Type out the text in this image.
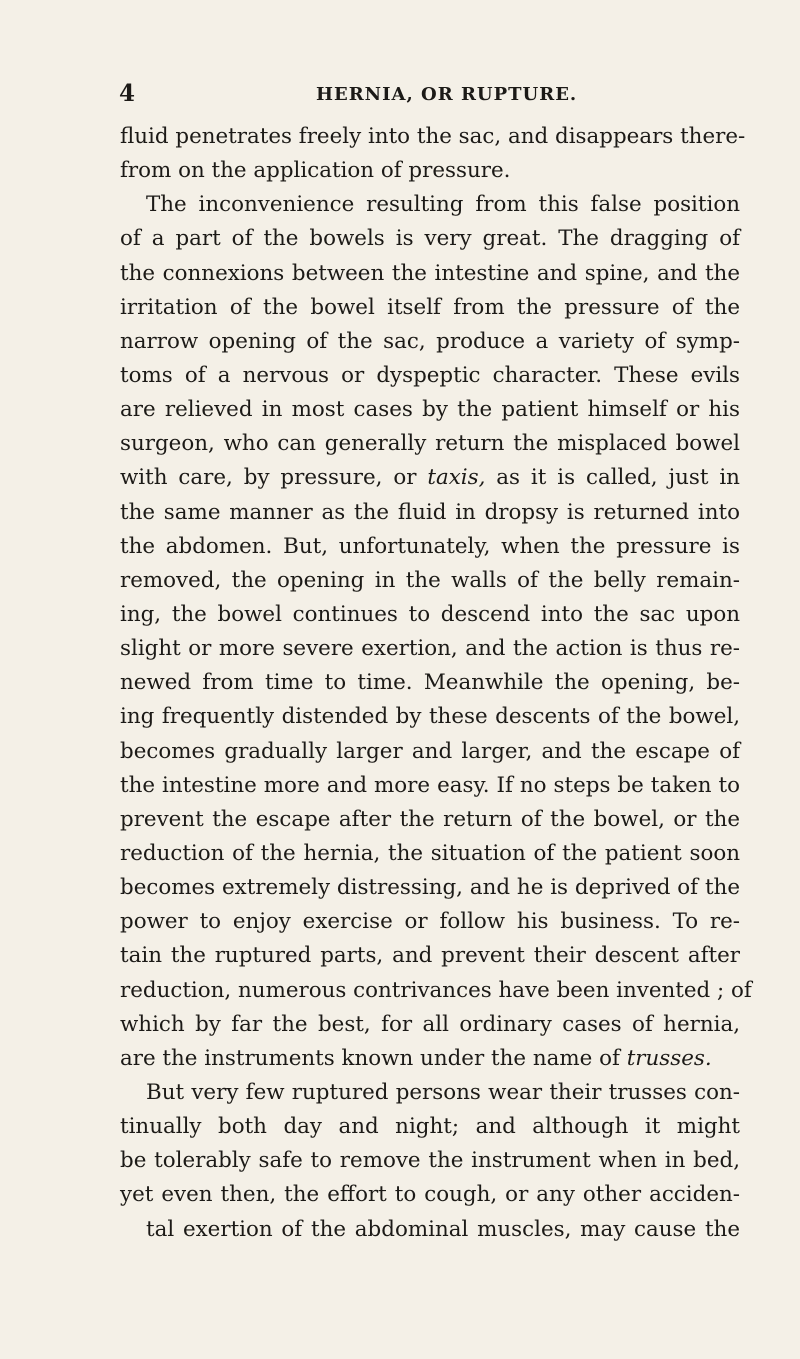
4	HERNIA, OR RUPTURE.
fluid penetrates freely into the sac, and disappears there-
from on the application of pressure.
The inconvenience resulting from this false position
of a part of the bowels is very great. The dragging of
the connexions between the intestine and spine, and the
irritation of the bowel itself from the pressure of the
narrow opening of the sac, produce a variety of symp-
toms of a nervous or dyspeptic character. These evils
are relieved in most cases by the patient himself or his
surgeon, who can generally return the misplaced bowel
with care, by pressure, or taxis, as it is called, just in
the same manner as the fluid in dropsy is returned into
the abdomen. But, unfortunately, when the pressure is
removed, the opening in the walls of the belly remain-
ing, the bowel continues to descend into the sac upon
slight or more severe exertion, and the action is thus re-
newed from time to time. Meanwhile the opening, be-
ing frequently distended by these descents of the bowel,
becomes gradually larger and larger, and the escape of
the intestine more and more easy. If no steps be taken to
prevent the escape after the return of the bowel, or the
reduction of the hernia, the situation of the patient soon
becomes extremely distressing, and he is deprived of the
power to enjoy exercise or follow his business. To re-
tain the ruptured parts, and prevent their descent after
reduction, numerous contrivances have been invented ; of
which by far the best, for all ordinary cases of hernia,
are the instruments known under the name of trusses.
But very few ruptured persons wear their trusses con-
tinually both day and night; and although it might
be tolerably safe to remove the instrument when in bed,
yet even then, the effort to cough, or any other acciden-
tal exertion of the abdominal muscles, may cause the
